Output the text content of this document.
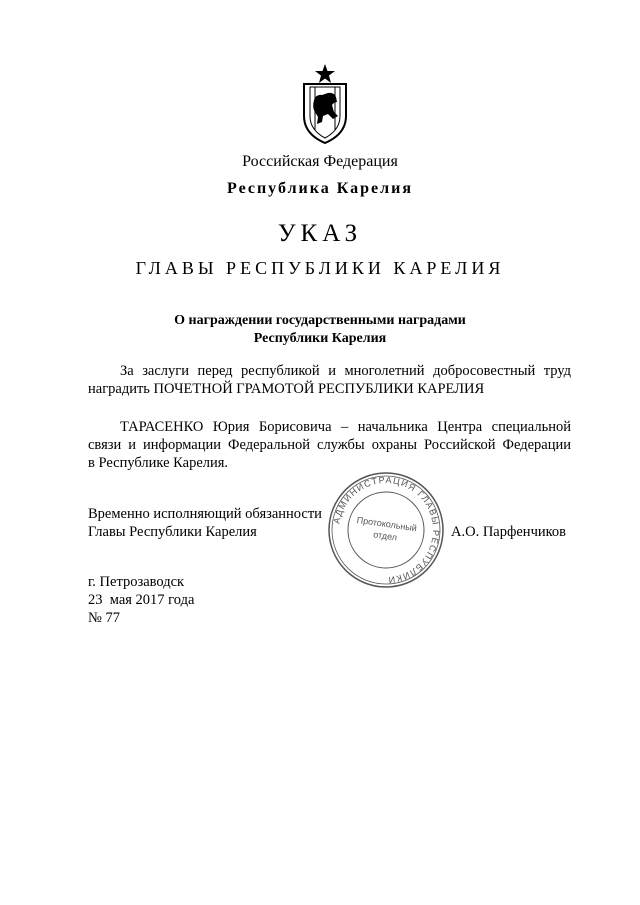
Российская Федерация
Республика Карелия
УКАЗ
ГЛАВЫ РЕСПУБЛИКИ КАРЕЛИЯ
О награждении государственными наградами
Республики Карелия
За заслуги перед республикой и многолетний добросовестный труд
наградить ПОЧЕТНОЙ ГРАМОТОЙ РЕСПУБЛИКИ КАРЕЛИЯ
ТАРАСЕНКО Юрия Борисовича – начальника Центра специальной
связи и информации Федеральной службы охраны Российской Федерации
в Республике Карелия.
Временно исполняющий обязанности
Главы Республики Карелия
АДМИНИСТРАЦИЯ ГЛАВЫ РЕСПУБЛИКИ
Протокольный
отдел	А.О. Парфенчиков
г. Петрозаводск
23  мая 2017 года
№ 77
